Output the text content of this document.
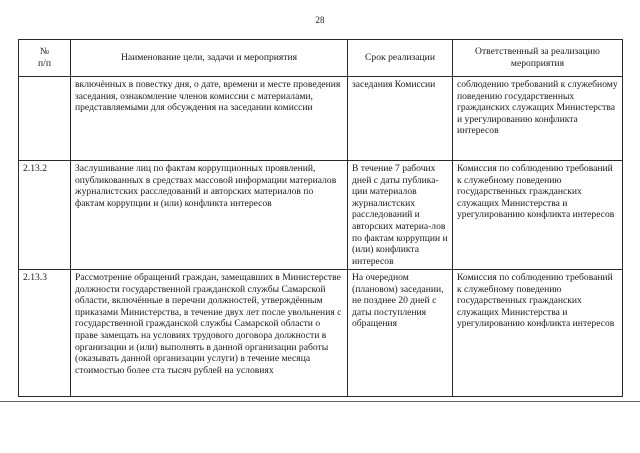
28
№
п/п	Наименование цели, задачи и мероприятия	Срок реализации	Ответственный за реализацию мероприятия
	включённых в повестку дня, о дате, времени и месте проведения заседания, ознакомление членов комиссии с материалами, представляемыми для обсуждения на заседании комиссии	заседания Комиссии	соблюдению требований к служебному поведению государственных гражданских служащих Министерства и урегулированию конфликта интересов
2.13.2	Заслушивание лиц по фактам коррупционных проявлений, опубликованных в средствах массовой информации материалов журналистских расследований и авторских материалов по фактам коррупции и (или) конфликта интересов	В течение 7 рабочих дней с даты публика-ции материалов журналистских расследований и авторских материа-лов по фактам коррупции и (или) конфликта интересов	Комиссия по соблюдению требований к служебному поведению государственных гражданских служащих Министерства и урегулированию конфликта интересов
2.13.3	Рассмотрение обращений граждан, замещавших в Министерстве должности государственной гражданской службы Самарской области, включённые в перечни должностей, утверждённым приказами Министерства, в течение двух лет после увольнения с государственной гражданской службы Самарской области о праве замещать на условиях трудового договора должности в организации и (или) выполнять в данной организации работы (оказывать данной организации услуги) в течение месяца стоимостью более ста тысяч рублей на условиях	На очередном (плановом) заседании, не позднее 20 дней с даты поступления обращения	Комиссия по соблюдению требований к служебному поведению государственных гражданских служащих Министерства и урегулированию конфликта интересов
